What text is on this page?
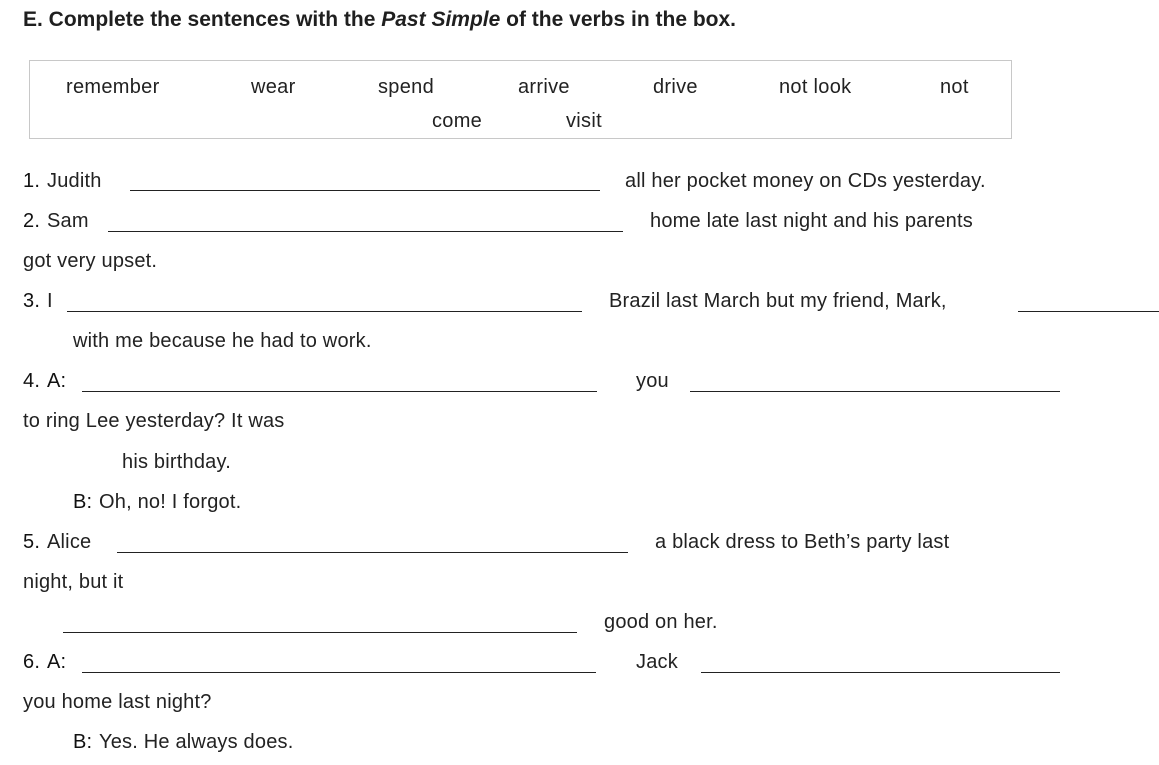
E. Complete the sentences with the Past Simple of the verbs in the box.
remember	wear	spend	arrive	drive	not look	not
come	visit
1. Judith	all her pocket money on CDs yesterday.
2. Sam	home late last night and his parents
got very upset.
3. I	Brazil last March but my friend, Mark,
with me because he had to work.
4. A:	you
to ring Lee yesterday? It was
his birthday.
B: Oh, no! I forgot.
5. Alice	a black dress to Beth’s party last
night, but it
good on her.
6. A:	Jack
you home last night?
B: Yes. He always does.
